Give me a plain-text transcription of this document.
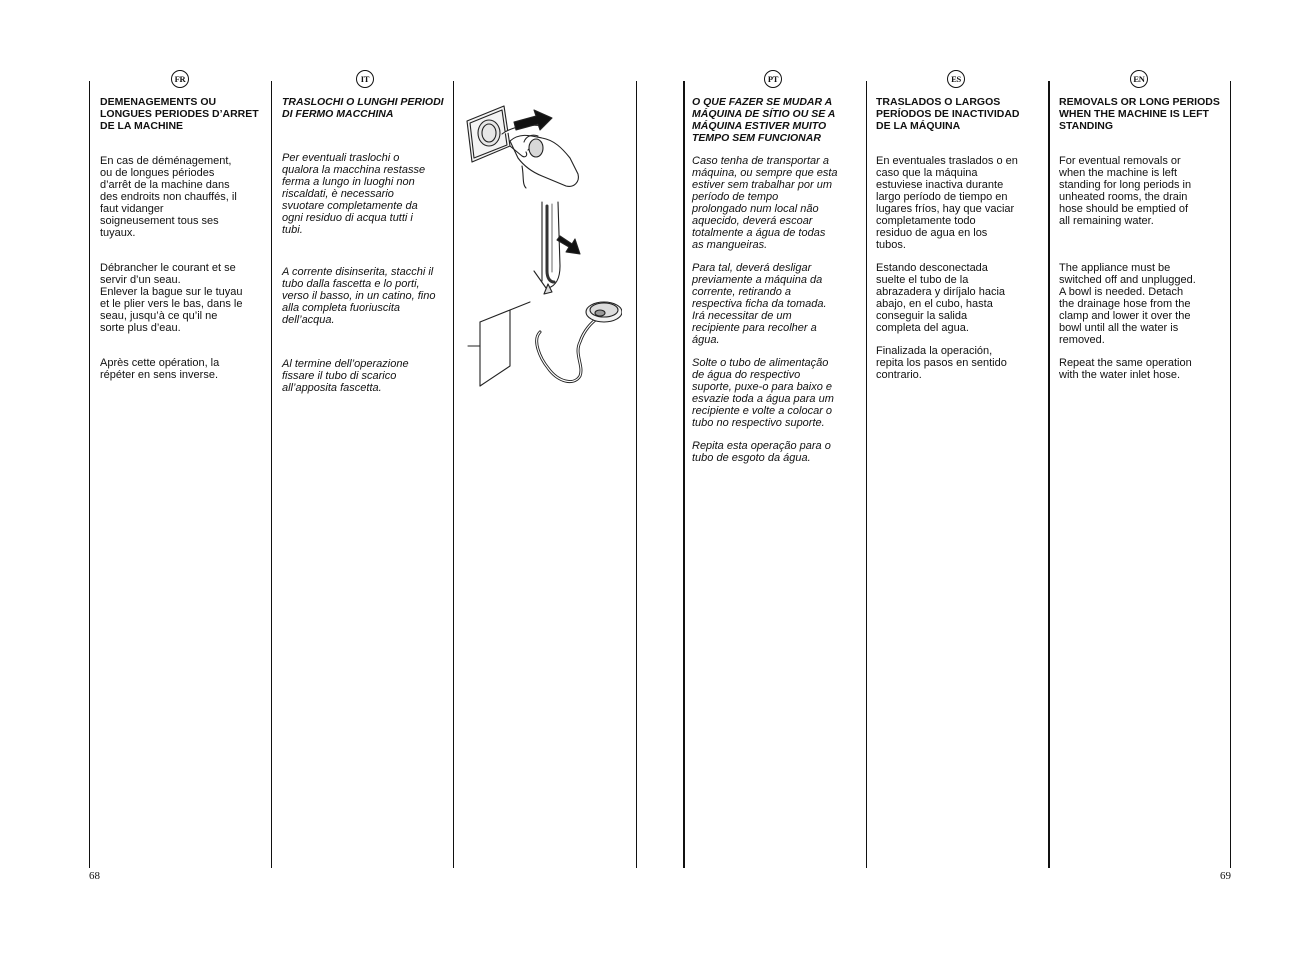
FR

DEMENAGEMENTS OU
LONGUES PERIODES D’ARRET
DE LA MACHINE

En cas de déménagement,
ou de longues périodes
d’arrêt de la machine dans
des endroits non chauffés, il
faut vidanger
soigneusement tous ses
tuyaux.

Débrancher le courant et se
servir d’un seau.
Enlever la bague sur le tuyau
et le plier vers le bas, dans le
seau, jusqu’à ce qu’il ne
sorte plus d’eau.

Après cette opération, la
répéter en sens inverse.

IT

TRASLOCHI O LUNGHI PERIODI
DI FERMO MACCHINA

Per eventuali traslochi o
qualora la macchina restasse
ferma a lungo in luoghi non
riscaldati, è necessario
svuotare completamente da
ogni residuo di acqua tutti i
tubi.

A corrente disinserita, stacchi il
tubo dalla fascetta e lo porti,
verso il basso, in un catino, fino
alla completa fuoriuscita
dell’acqua.

Al termine dell’operazione
fissare il tubo di scarico
all’apposita fascetta.

PT

O QUE FAZER SE MUDAR A
MÁQUINA DE SÍTIO OU SE A
MÁQUINA ESTIVER MUITO
TEMPO SEM FUNCIONAR

Caso tenha de transportar a
máquina, ou sempre que esta
estiver sem trabalhar por um
período de tempo
prolongado num local não
aquecido, deverá escoar
totalmente a água de todas
as mangueiras.

Para tal, deverá desligar
previamente a máquina da
corrente, retirando a
respectiva ficha da tomada.
Irá necessitar de um
recipiente para recolher a
água.

Solte o tubo de alimentação
de água do respectivo
suporte, puxe-o para baixo e
esvazie toda a água para um
recipiente e volte a colocar o
tubo no respectivo suporte.

Repita esta operação para o
tubo de esgoto da água.

ES

TRASLADOS O LARGOS
PERÍODOS DE INACTIVIDAD
DE LA MÁQUINA

En eventuales traslados o en
caso que la máquina
estuviese inactiva durante
largo período de tiempo en
lugares fríos, hay que vaciar
completamente todo
residuo de agua en los
tubos.

Estando desconectada
suelte el tubo de la
abrazadera y diríjalo hacia
abajo, en el cubo, hasta
conseguir la salida
completa del agua.

Finalizada la operación,
repita los pasos en sentido
contrario.

EN

REMOVALS OR LONG PERIODS
WHEN THE MACHINE IS LEFT
STANDING

For eventual removals or
when the machine is left
standing for long periods in
unheated rooms, the drain
hose should be emptied of
all remaining water.

The appliance must be
switched off and unplugged.
A bowl is needed. Detach
the drainage hose from the
clamp and lower it over the
bowl until all the water is
removed.

Repeat the same operation
with the water inlet hose.

68	69
